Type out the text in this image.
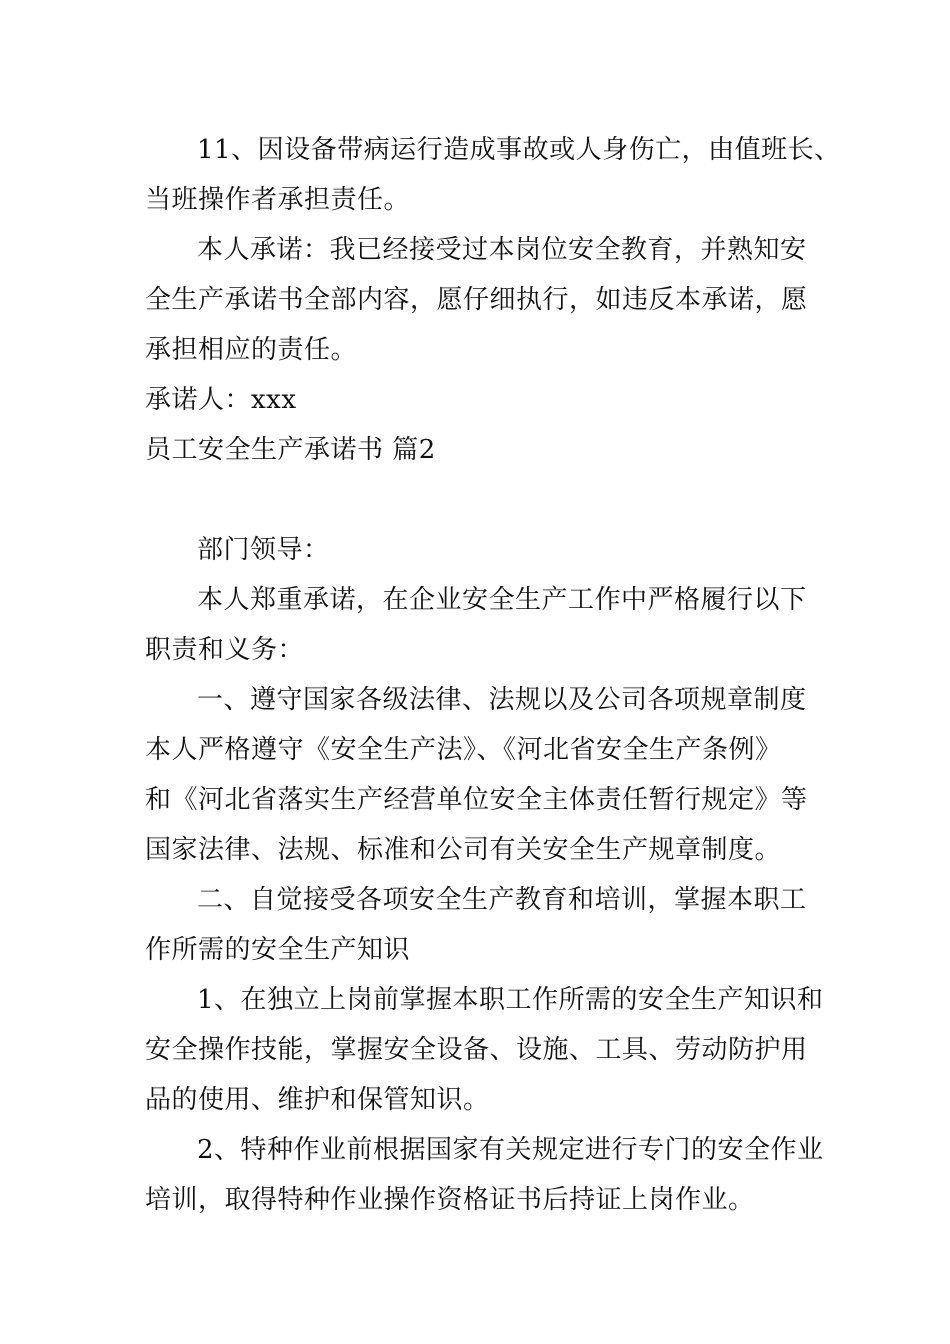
11、因设备带病运行造成事故或人身伤亡，由值班长、
当班操作者承担责任。
本人承诺：我已经接受过本岗位安全教育，并熟知安
全生产承诺书全部内容，愿仔细执行，如违反本承诺，愿
承担相应的责任。
承诺人：xxx
员工安全生产承诺书 篇2
部门领导：
本人郑重承诺，在企业安全生产工作中严格履行以下
职责和义务：
一、遵守国家各级法律、法规以及公司各项规章制度
本人严格遵守《安全生产法》、《河北省安全生产条例》
和《河北省落实生产经营单位安全主体责任暂行规定》等
国家法律、法规、标准和公司有关安全生产规章制度。
二、自觉接受各项安全生产教育和培训，掌握本职工
作所需的安全生产知识
1、在独立上岗前掌握本职工作所需的安全生产知识和
安全操作技能，掌握安全设备、设施、工具、劳动防护用
品的使用、维护和保管知识。
2、特种作业前根据国家有关规定进行专门的安全作业
培训，取得特种作业操作资格证书后持证上岗作业。
